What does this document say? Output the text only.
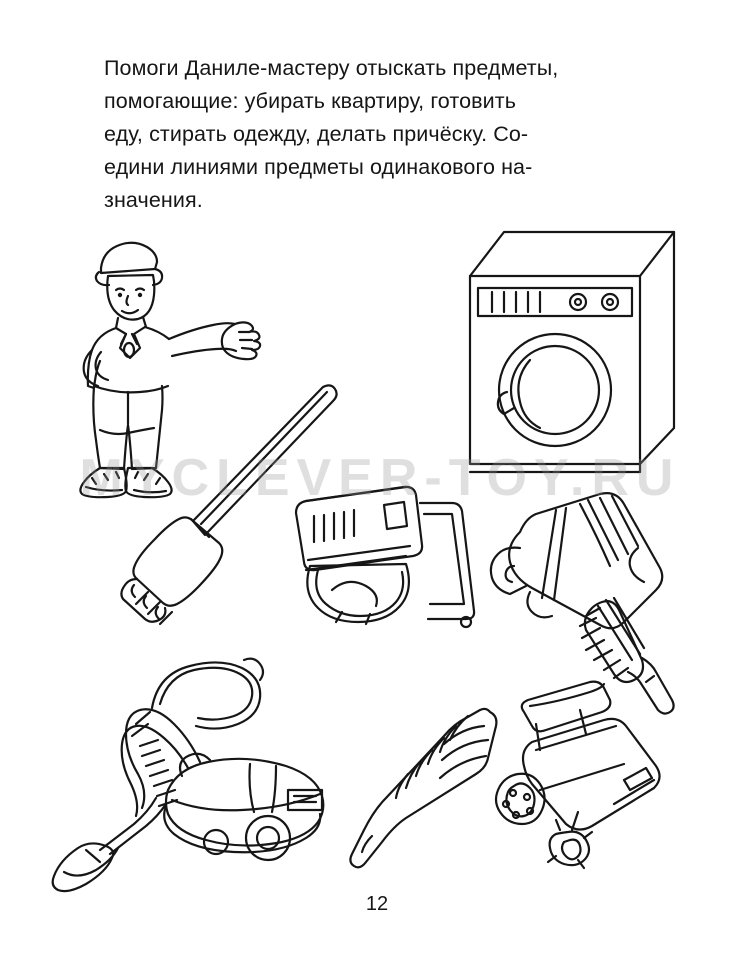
Помоги Даниле-мастеру отыскать предметы,
помогающие: убирать квартиру, готовить
еду, стирать одежду, делать причёску. Со-
едини линиями предметы одинакового на-
значения.
MYCLEVER-TOY.RU
12
